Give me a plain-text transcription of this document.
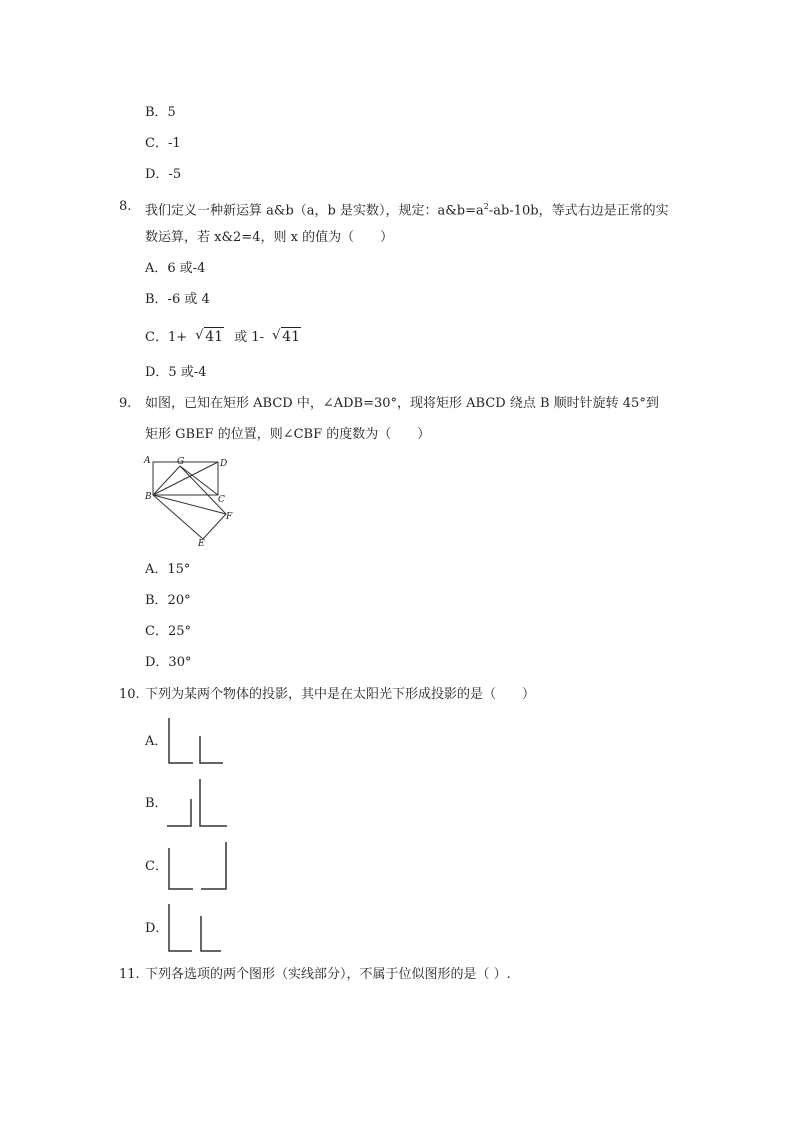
B．5
C．-1
D．-5
8. 我们定义一种新运算 a&b（a，b 是实数），规定：$a\&b=a^2-ab-10b$，等式右边是正常的实
数运算，若 x&2=4，则 x 的值为（　　）
A．6 或-4
B．-6 或 4
C．1+ √ 41 或 1- √ 41
D．5 或-4
9. 如图，已知在矩形 ABCD 中，∠ADB=30°，现将矩形 ABCD 绕点 B 顺时针旋转 45°到
矩形 GBEF 的位置，则∠CBF 的度数为（　　）
A	G	D
B	C
F
E
A．15°
B．20°
C．25°
D．30°
10. 下列为某两个物体的投影，其中是在太阳光下形成投影的是（　　）
A．
B．
C．
D．
11. 下列各选项的两个图形（实线部分），不属于位似图形的是（ ）.
